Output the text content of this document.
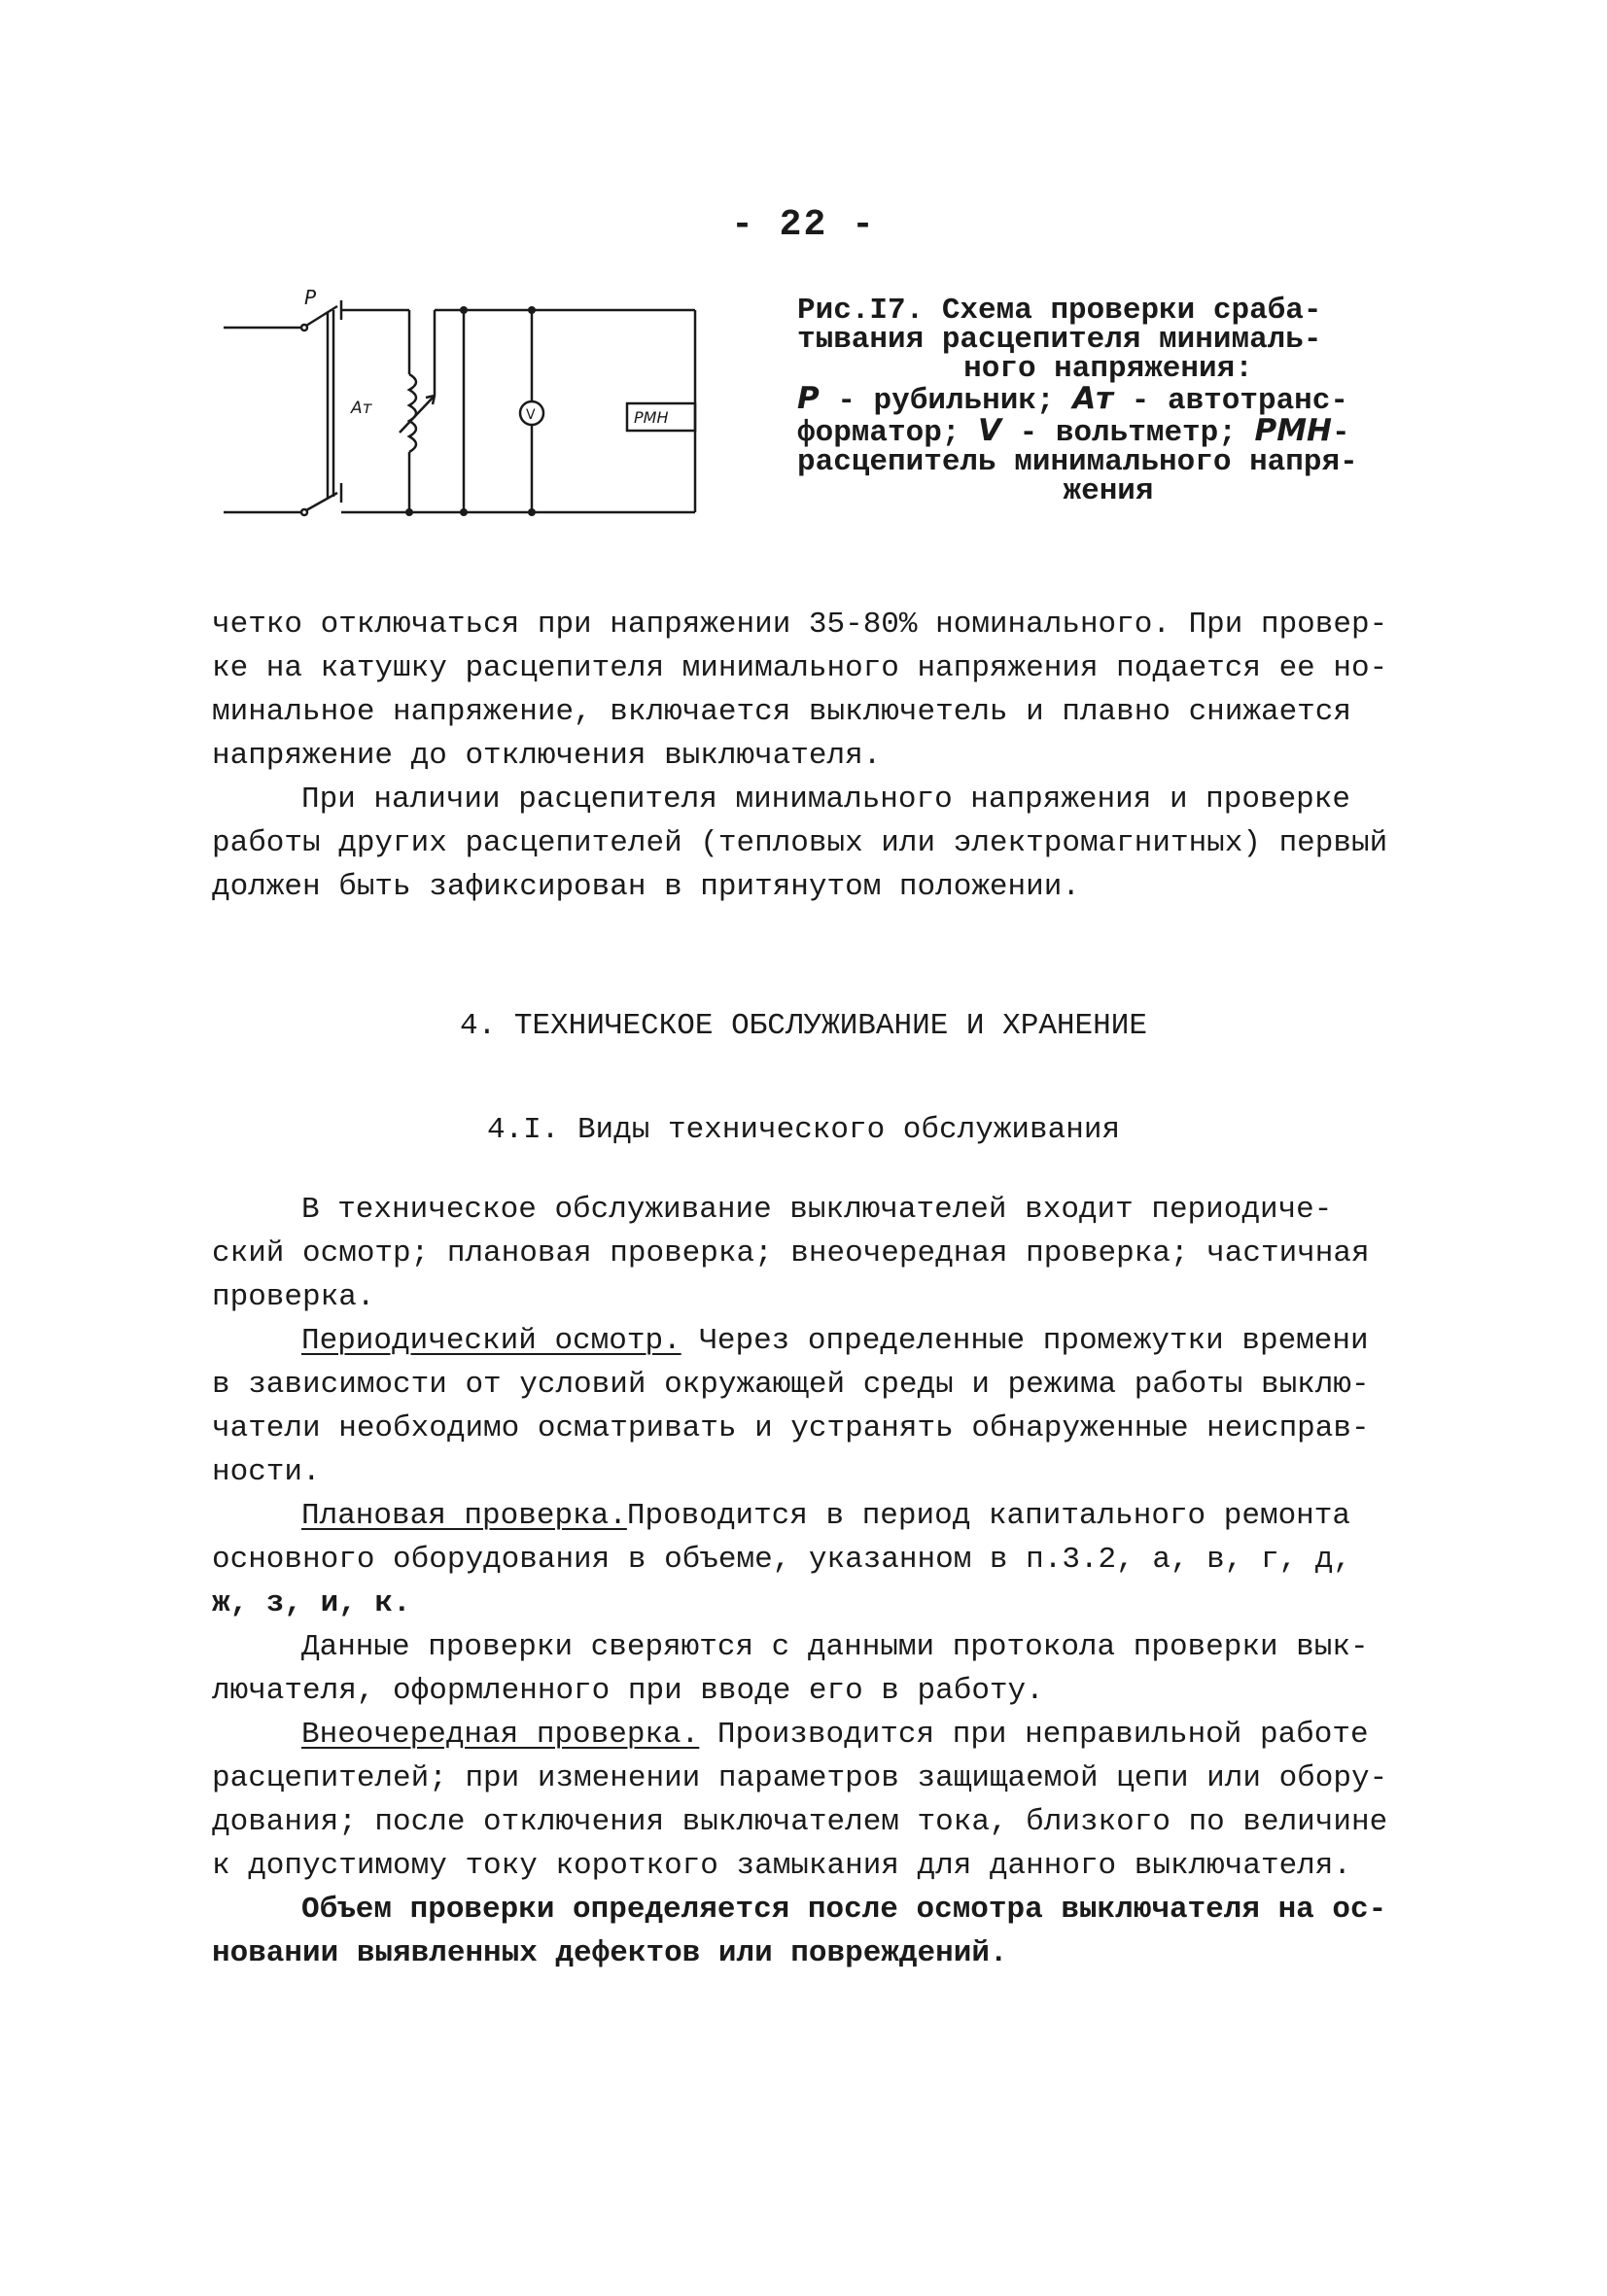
- 22 -
Р
Ат	V	РМН
Рис.I7. Схема проверки сраба-
тывания расцепителя минималь-
ного напряжения:
Р - рубильник; Ат - автотранс-
форматор; V - вольтметр; РМН-
расцепитель минимального напря-
жения

четко отключаться при напряжении 35-80% номинального. При провер-
ке на катушку расцепителя минимального напряжения подается ее но-
минальное напряжение, включается выключетель и плавно снижается
напряжение до отключения выключателя.

При наличии расцепителя минимального напряжения и проверке
работы других расцепителей (тепловых или электромагнитных) первый
должен быть зафиксирован в притянутом положении.

4. ТЕХНИЧЕСКОЕ ОБСЛУЖИВАНИЕ И ХРАНЕНИЕ
4.I. Виды технического обслуживания

В техническое обслуживание выключателей входит периодиче-
ский осмотр; плановая проверка; внеочередная проверка; частичная
проверка.

Периодический осмотр. Через определенные промежутки времени
в зависимости от условий окружающей среды и режима работы выклю-
чатели необходимо осматривать и устранять обнаруженные неисправ-
ности.

Плановая проверка.Проводится в период капитального ремонта
основного оборудования в объеме, указанном в п.3.2, а, в, г, д,
ж, з, и, к.

Данные проверки сверяются с данными протокола проверки вык-
лючателя, оформленного при вводе его в работу.

Внеочередная проверка. Производится при неправильной работе
расцепителей; при изменении параметров защищаемой цепи или обору-
дования; после отключения выключателем тока, близкого по величине
к допустимому току короткого замыкания для данного выключателя.

Объем проверки определяется после осмотра выключателя на ос-
новании выявленных дефектов или повреждений.
